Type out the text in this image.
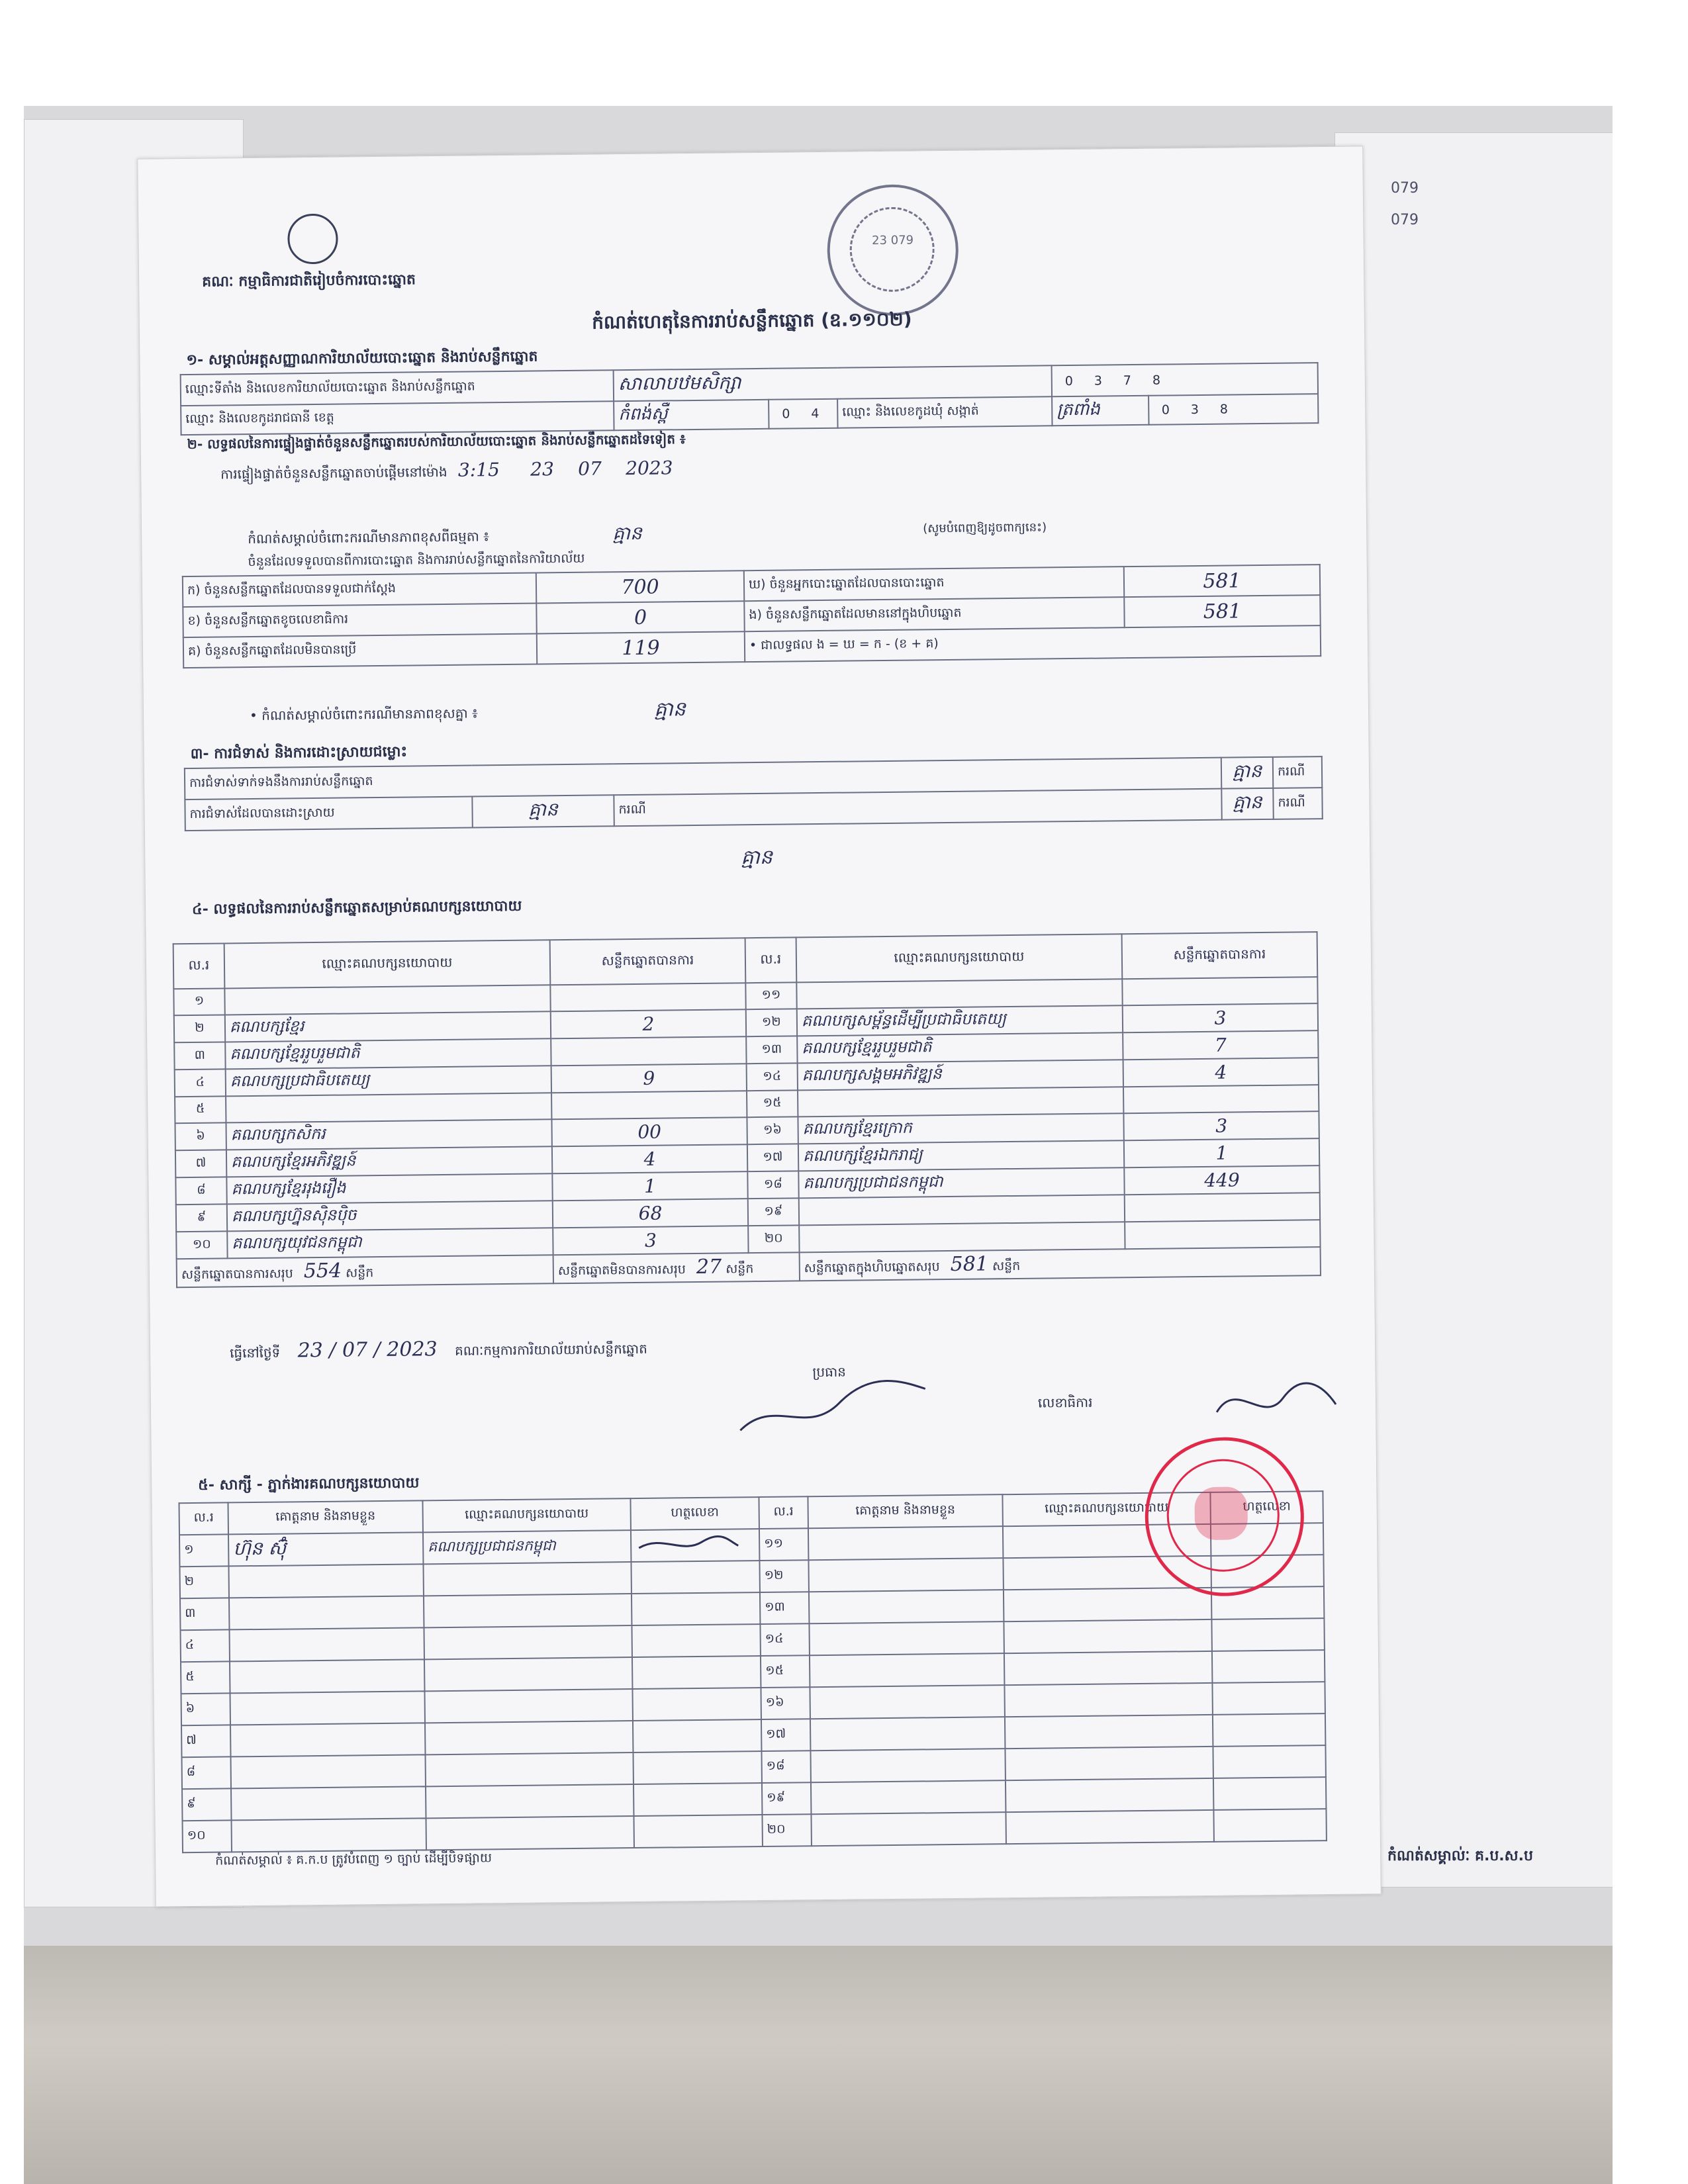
079
079
កំណត់សម្គាល់ៈ គ.ប.ស.ប
គណៈ កម្មាធិការជាតិរៀបចំការបោះឆ្នោត
23 079
កំណត់ហេតុនៃការរាប់សន្លឹកឆ្នោត (ឧ.១១០២)
១- សម្គាល់អត្តសញ្ញាណការិយាល័យបោះឆ្នោត និងរាប់សន្លឹកឆ្នោត
ឈ្មោះទីតាំង និងលេខការិយាល័យបោះឆ្នោត និងរាប់សន្លឹកឆ្នោត	សាលាបឋមសិក្សា			0 3 7 8	
ឈ្មោះ និងលេខកូដរាជធានី ខេត្ត	កំពង់ស្ពឺ	0 4	ឈ្មោះ និងលេខកូដឃុំ សង្កាត់	ត្រពាំង	0 3 8
២- លទ្ធផលនៃការផ្ទៀងផ្ទាត់ចំនួនសន្លឹកឆ្នោតរបស់ការិយាល័យបោះឆ្នោត និងរាប់សន្លឹកឆ្នោតដទៃទៀត ៖
ការផ្ទៀងផ្ទាត់ចំនួនសន្លឹកឆ្នោតចាប់ផ្តើមនៅម៉ោង 3:15 23 07 2023
កំណត់សម្គាល់ចំពោះករណីមានភាពខុសពីធម្មតា ៖	គ្មាន	(សូមបំពេញឱ្យដូចពាក្យនេះ)
ចំនួនដែលទទួលបានពីការបោះឆ្នោត និងការរាប់សន្លឹកឆ្នោតនៃការិយាល័យ
ក) ចំនួនសន្លឹកឆ្នោតដែលបានទទួលជាក់ស្តែង	700	ឃ) ចំនួនអ្នកបោះឆ្នោតដែលបានបោះឆ្នោត	581
ខ) ចំនួនសន្លឹកឆ្នោតខូចលេខាធិការ	0	ង) ចំនួនសន្លឹកឆ្នោតដែលមាននៅក្នុងហិបឆ្នោត	581
គ) ចំនួនសន្លឹកឆ្នោតដែលមិនបានប្រើ	119	• ជាលទ្ធផល ង = ឃ = ក - (ខ + គ)	
• កំណត់សម្គាល់ចំពោះករណីមានភាពខុសគ្នា ៖	គ្មាន
៣- ការជំទាស់ និងការដោះស្រាយជម្លោះ
ការជំទាស់ទាក់ទងនឹងការរាប់សន្លឹកឆ្នោត			គ្មាន	ករណី
ការជំទាស់ដែលបានដោះស្រាយ	គ្មាន	ករណី	គ្មាន	ករណី
គ្មាន
៤- លទ្ធផលនៃការរាប់សន្លឹកឆ្នោតសម្រាប់គណបក្សនយោបាយ
ល.រ	ឈ្មោះគណបក្សនយោបាយ	សន្លឹកឆ្នោតបានការ	ល.រ	ឈ្មោះគណបក្សនយោបាយ	សន្លឹកឆ្នោតបានការ
១			១១		
២	គណបក្សខ្មែរ	2	១២	គណបក្សសម្ព័ន្ធដើម្បីប្រជាធិបតេយ្យ	3
៣	គណបក្សខ្មែររួបរួមជាតិ		១៣	គណបក្សខ្មែររួបរួមជាតិ	7
៤	គណបក្សប្រជាធិបតេយ្យ	9	១៤	គណបក្សសង្គមអភិវឌ្ឍន៍	4
៥			១៥		
៦	គណបក្សកសិករ	00	១៦	គណបក្សខ្មែរក្រោក	3
៧	គណបក្សខ្មែរអភិវឌ្ឍន៍	4	១៧	គណបក្សខ្មែរឯករាជ្យ	1
៨	គណបក្សខ្មែររុងរឿង	1	១៨	គណបក្សប្រជាជនកម្ពុជា	449
៩	គណបក្សហ្វ៊ុនស៊ិនប៉ិច	68	១៩		
១០	គណបក្សយុវជនកម្ពុជា	3	២០		
សន្លឹកឆ្នោតបានការសរុប 554 សន្លឹក		សន្លឹកឆ្នោតមិនបានការសរុប 27 សន្លឹក		សន្លឹកឆ្នោតក្នុងហិបឆ្នោតសរុប 581 សន្លឹក	
ធ្វើនៅថ្ងៃទី 23 / 07 / 2023 គណៈកម្មការការិយាល័យរាប់សន្លឹកឆ្នោត
ប្រធាន
លេខាធិការ
៥- សាក្សី - ភ្នាក់ងារគណបក្សនយោបាយ
ល.រ	គោត្តនាម និងនាមខ្លួន	ឈ្មោះគណបក្សនយោបាយ	ហត្ថលេខា	ល.រ	គោត្តនាម និងនាមខ្លួន	ឈ្មោះគណបក្សនយោបាយ	ហត្ថលេខា
១	ហ៊ុន ស៊ុំ	គណបក្សប្រជាជនកម្ពុជា		១១			
២				១២			
៣				១៣			
៤				១៤			
៥				១៥			
៦				១៦			
៧				១៧			
៨				១៨			
៩				១៩			
១០				២០			
កំណត់សម្គាល់ ៖ គ.ក.ប ត្រូវបំពេញ ១ ច្បាប់ ដើម្បីបិទផ្សាយ
